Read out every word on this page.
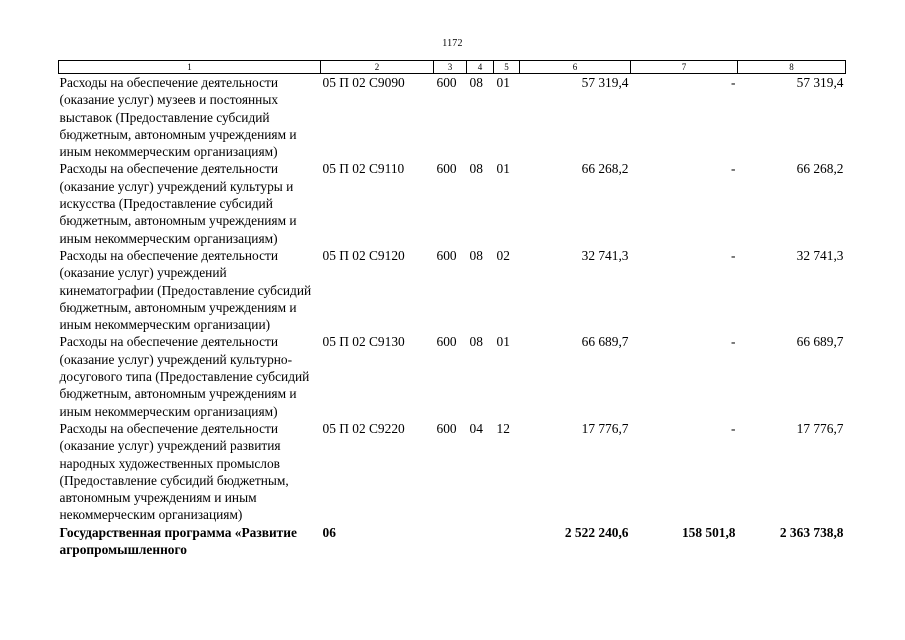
1172
1	2	3	4	5	6	7	8
Расходы на обеспечение деятельности (оказание услуг) музеев и постоянных выставок (Предоставление субсидий бюджетным, автономным учреждениям и иным некоммерческим организациям)	05 П 02 С9090	600	08	01	57 319,4	-	57 319,4
Расходы на обеспечение деятельности (оказание услуг) учреждений культуры и искусства (Предоставление субсидий бюджетным, автономным учреждениям и иным некоммерческим организациям)	05 П 02 С9110	600	08	01	66 268,2	-	66 268,2
Расходы на обеспечение деятельности (оказание услуг) учреждений кинематографии (Предоставление субсидий бюджетным, автономным учреждениям и иным некоммерческим организации)	05 П 02 С9120	600	08	02	32 741,3	-	32 741,3
Расходы на обеспечение деятельности (оказание услуг) учреждений культурно-досугового типа (Предоставление субсидий бюджетным, автономным учреждениям и иным некоммерческим организациям)	05 П 02 С9130	600	08	01	66 689,7	-	66 689,7
Расходы на обеспечение деятельности (оказание услуг) учреждений развития народных художественных промыслов (Предоставление субсидий бюджетным, автономным учреждениям и иным некоммерческим организациям)	05 П 02 С9220	600	04	12	17 776,7	-	17 776,7
Государственная программа «Развитие агропромышленного	06				2 522 240,6	158 501,8	2 363 738,8
